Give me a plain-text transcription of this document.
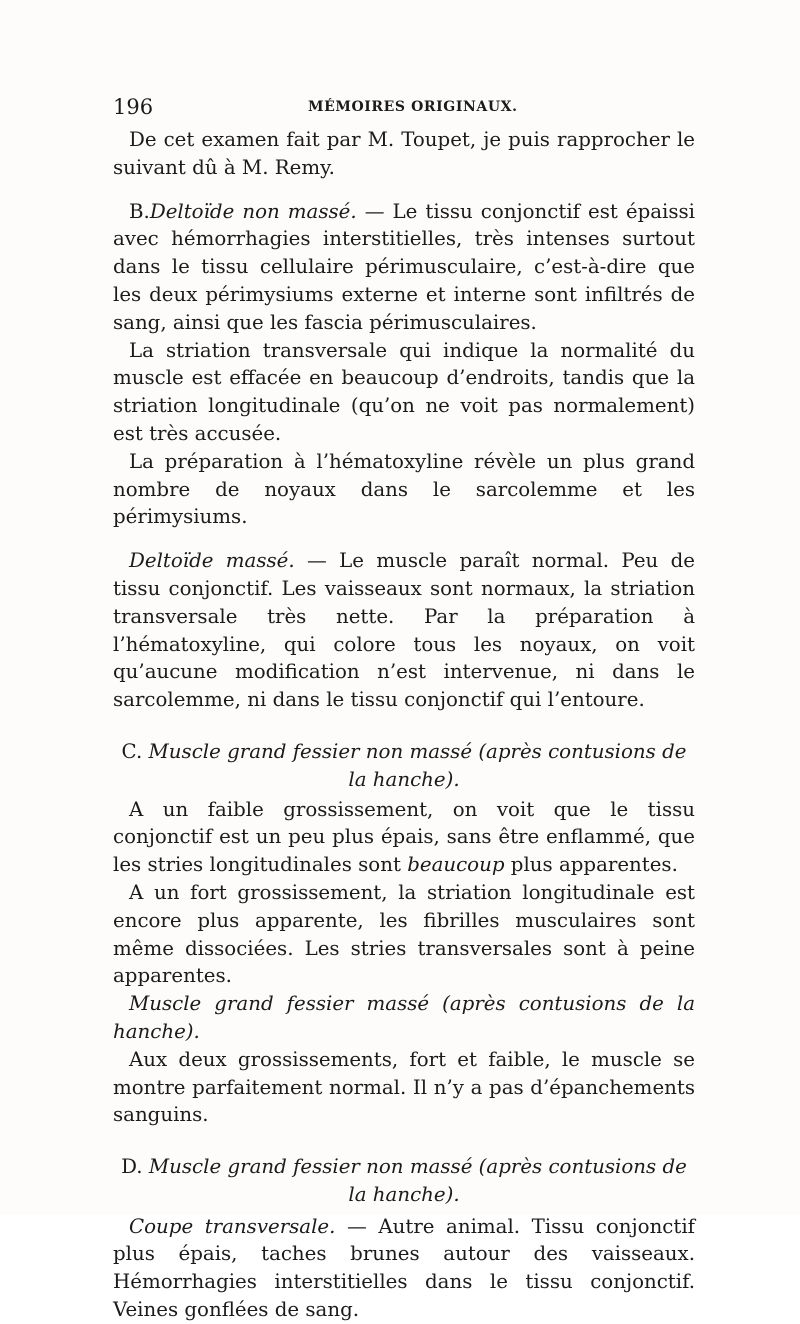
196	MÉMOIRES ORIGINAUX.

De cet examen fait par M. Toupet, je puis rapprocher le suivant dû à M. Remy.

B.Deltoïde non massé. — Le tissu conjonctif est épaissi avec hémorrhagies interstitielles, très intenses surtout dans le tissu cellulaire périmusculaire, c’est-à-dire que les deux périmysiums externe et interne sont infiltrés de sang, ainsi que les fascia périmusculaires.

La striation transversale qui indique la normalité du muscle est effacée en beaucoup d’endroits, tandis que la striation longitudinale (qu’on ne voit pas normalement) est très accusée.

La préparation à l’hématoxyline révèle un plus grand nombre de noyaux dans le sarcolemme et les périmysiums.

Deltoïde massé. — Le muscle paraît normal. Peu de tissu conjonctif. Les vaisseaux sont normaux, la striation transversale très nette. Par la préparation à l’hématoxyline, qui colore tous les noyaux, on voit qu’aucune modification n’est intervenue, ni dans le sarcolemme, ni dans le tissu conjonctif qui l’entoure.

C. Muscle grand fessier non massé (après contusions de la hanche).

A un faible grossissement, on voit que le tissu conjonctif est un peu plus épais, sans être enflammé, que les stries longitudinales sont beaucoup plus apparentes.

A un fort grossissement, la striation longitudinale est encore plus apparente, les fibrilles musculaires sont même dissociées. Les stries transversales sont à peine apparentes.

Muscle grand fessier massé (après contusions de la hanche).

Aux deux grossissements, fort et faible, le muscle se montre parfaitement normal. Il n’y a pas d’épanchements sanguins.

D. Muscle grand fessier non massé (après contusions de la hanche).

Coupe transversale. — Autre animal. Tissu conjonctif plus épais, taches brunes autour des vaisseaux. Hémorrhagies interstitielles dans le tissu conjonctif. Veines gonflées de sang.
